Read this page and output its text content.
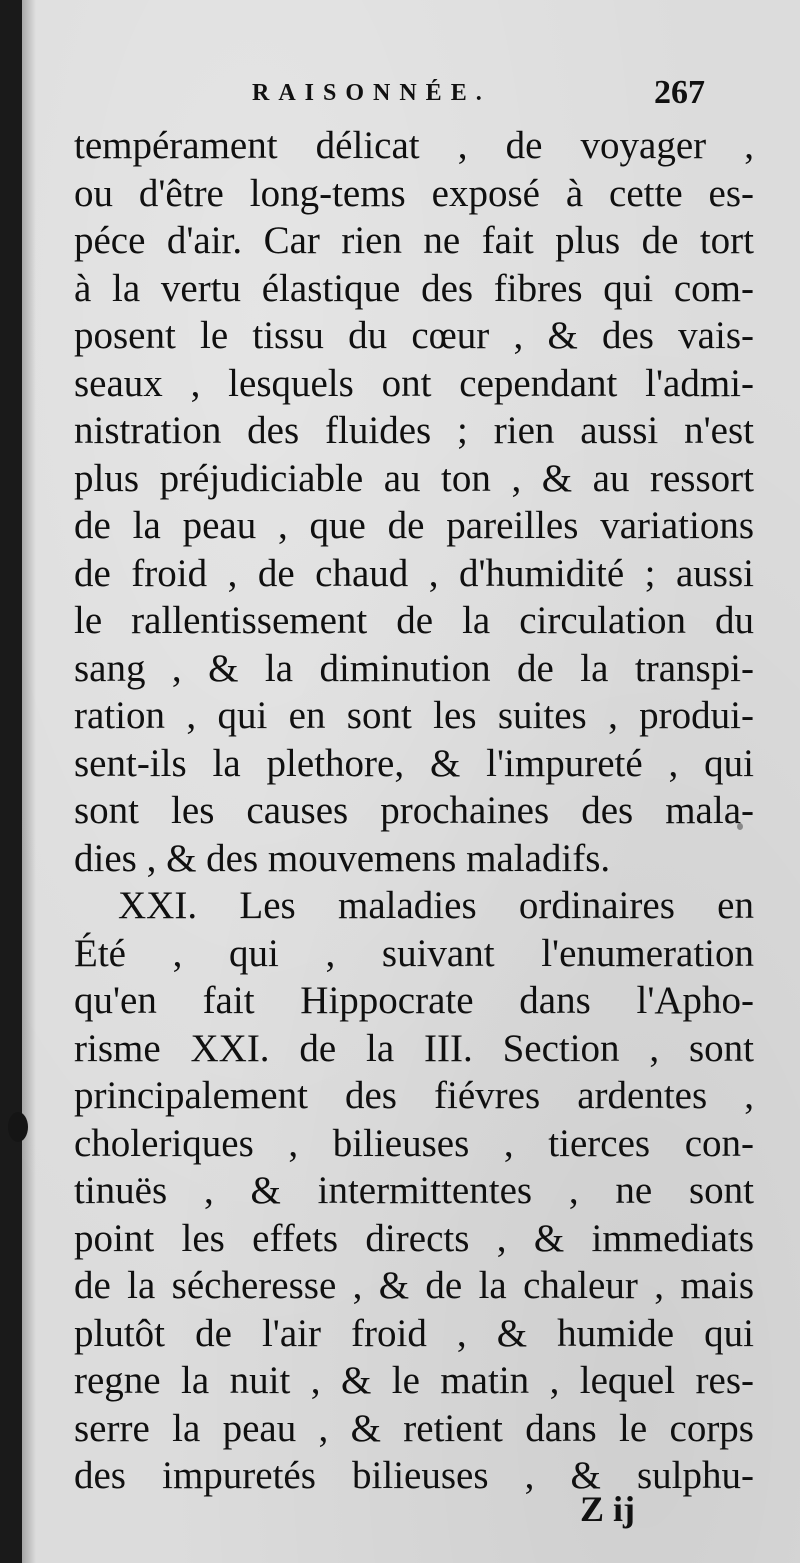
RAISONNÉE.	267
tempérament délicat , de voyager ,
ou d'être long-tems exposé à cette es-
péce d'air. Car rien ne fait plus de tort
à la vertu élastique des fibres qui com-
posent le tissu du cœur , & des vais-
seaux , lesquels ont cependant l'admi-
nistration des fluides ; rien aussi n'est
plus préjudiciable au ton , & au ressort
de la peau , que de pareilles variations
de froid , de chaud , d'humidité ; aussi
le rallentissement de la circulation du
sang , & la diminution de la transpi-
ration , qui en sont les suites , produi-
sent-ils la plethore, & l'impureté , qui
sont les causes prochaines des mala-
dies , & des mouvemens maladifs.
XXI. Les maladies ordinaires en
Été , qui , suivant l'enumeration
qu'en fait Hippocrate dans l'Apho-
risme XXI. de la III. Section , sont
principalement des fiévres ardentes ,
choleriques , bilieuses , tierces con-
tinuës , & intermittentes , ne sont
point les effets directs , & immediats
de la sécheresse , & de la chaleur , mais
plutôt de l'air froid , & humide qui
regne la nuit , & le matin , lequel res-
serre la peau , & retient dans le corps
des impuretés bilieuses , & sulphu-
Z ij
